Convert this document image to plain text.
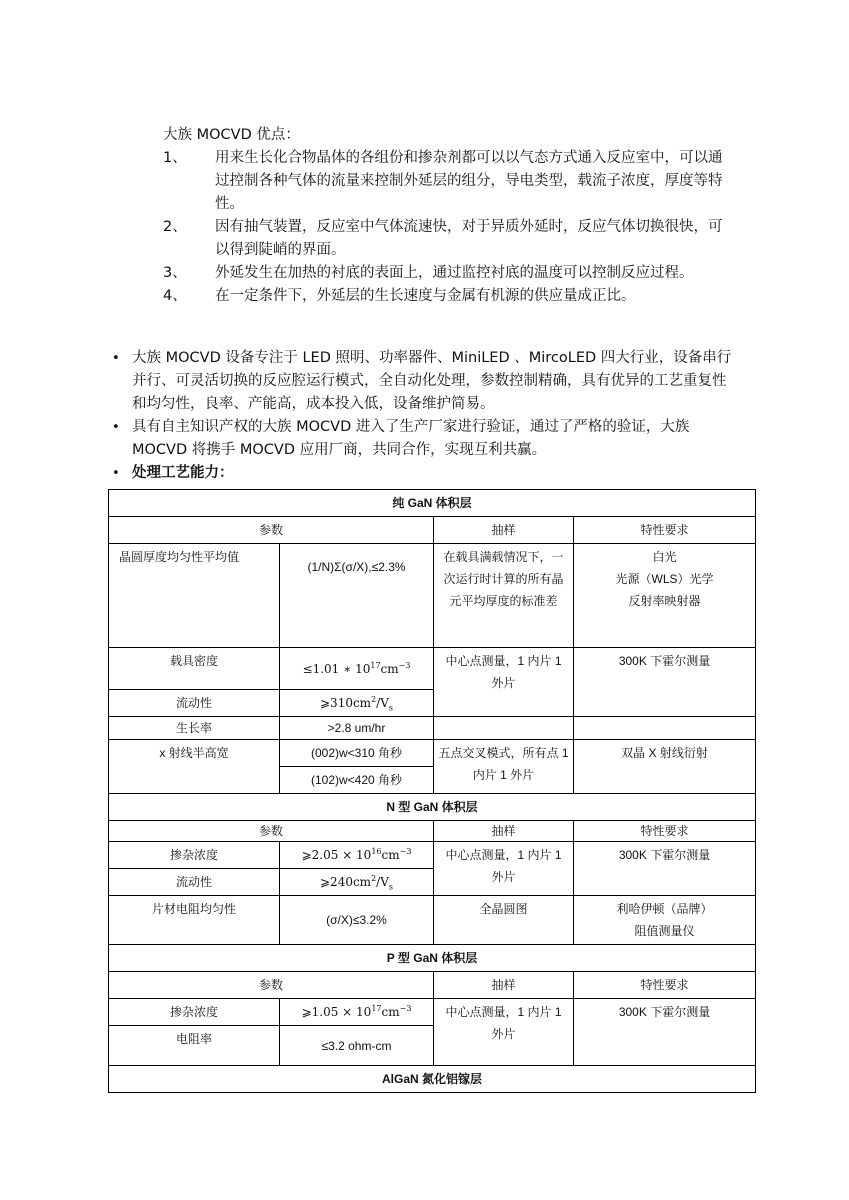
大族 MOCVD 优点：

1、	用来生长化合物晶体的各组份和掺杂剂都可以以气态方式通入反应室中，可以通过控制各种气体的流量来控制外延层的组分，导电类型，载流子浓度，厚度等特性。
2、	因有抽气装置，反应室中气体流速快，对于异质外延时，反应气体切换很快，可以得到陡峭的界面。
3、	外延发生在加热的衬底的表面上，通过监控衬底的温度可以控制反应过程。
4、	在一定条件下，外延层的生长速度与金属有机源的供应量成正比。
• 大族 MOCVD 设备专注于 LED 照明、功率器件、MiniLED 、MircoLED 四大行业，设备串行并行、可灵活切换的反应腔运行模式，全自动化处理，参数控制精确，具有优异的工艺重复性和均匀性，良率、产能高，成本投入低，设备维护简易。
• 具有自主知识产权的大族 MOCVD 进入了生产厂家进行验证，通过了严格的验证，大族 MOCVD 将携手 MOCVD 应用厂商，共同合作，实现互利共赢。
• 处理工艺能力：
纯 GaN 体积层			
参数		抽样	特性要求
晶圆厚度均匀性平均值	(1/N)Σ(σ/X),≤2.3%	在载具满载情况下，一次运行时计算的所有晶元平均厚度的标准差	白光
光源（WLS）光学
反射率映射器

载具密度	≤1.01 ∗ $10^{17}cm^{-3}$	中心点测量，1 内片 1 外片	300K 下霍尔测量
流动性	$⩾310cm^2/V_s$
生长率	>2.8 um/hr		
x 射线半高宽	(002)w<310 角秒	五点交叉模式，所有点 1 内片 1 外片	双晶 X 射线衍射
	(102)w<420 角秒		
N 型 GaN 体积层			
参数		抽样	特性要求
掺杂浓度	⩾2.05 × $10^{16}cm^{-3}$	中心点测量，1 内片 1 外片	300K 下霍尔测量
流动性	$⩾240cm^2/V_s$
片材电阻均匀性	(σ/X)≤3.2%	全晶圆图	利哈伊顿（品牌）
阻值测量仪

P 型 GaN 体积层			
参数		抽样	特性要求
掺杂浓度	⩾1.05 × $10^{17}cm^{-3}$	中心点测量，1 内片 1 外片	300K 下霍尔测量
电阻率	≤3.2 ohm-cm		
AlGaN 氮化铝镓层			
